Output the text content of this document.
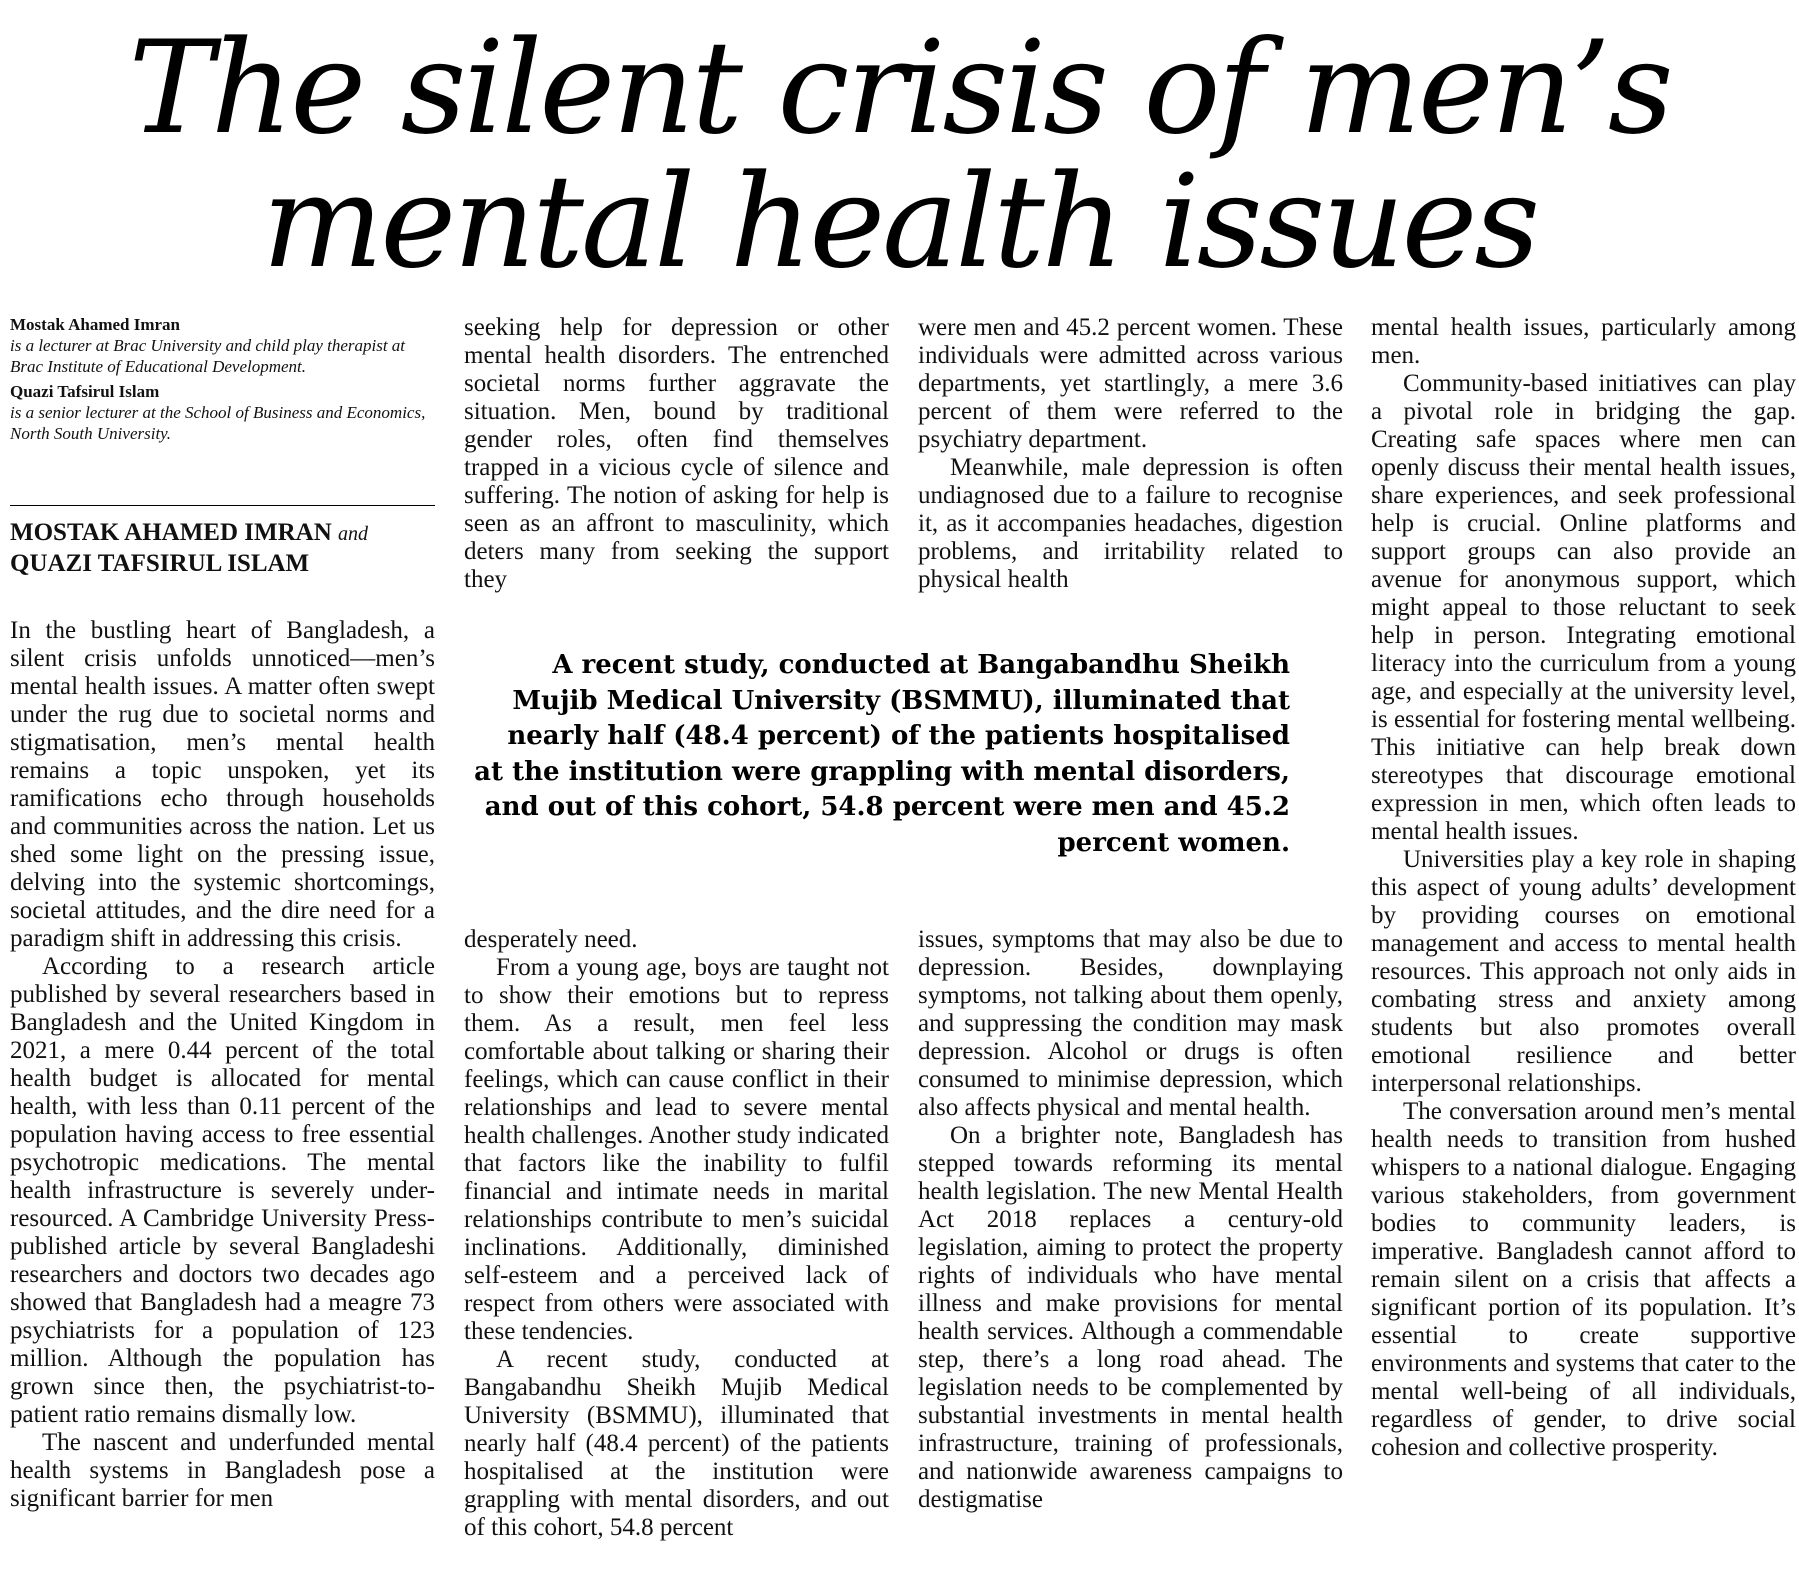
The silent crisis of men’s
mental health issues
Mostak Ahamed Imran
is a lecturer at Brac University and child play therapist at Brac Institute of Educational Development.
Quazi Tafsirul Islam
is a senior lecturer at the School of Business and Economics, North South University.
MOSTAK AHAMED IMRAN and
QUAZI TAFSIRUL ISLAM

In the bustling heart of Bangladesh, a silent crisis unfolds unnoticed—men’s mental health issues. A matter often swept under the rug due to societal norms and stigmatisation, men’s mental health remains a topic unspoken, yet its ramifications echo through households and communities across the nation. Let us shed some light on the pressing issue, delving into the systemic shortcomings, societal attitudes, and the dire need for a paradigm shift in addressing this crisis.

According to a research article published by several researchers based in Bangladesh and the United Kingdom in 2021, a mere 0.44 percent of the total health budget is allocated for mental health, with less than 0.11 percent of the population having access to free essential psychotropic medications. The mental health infrastructure is severely under-resourced. A Cambridge University Press-published article by several Bangladeshi researchers and doctors two decades ago showed that Bangladesh had a meagre 73 psychiatrists for a population of 123 million. Although the population has grown since then, the psychiatrist-to-patient ratio remains dismally low.

The nascent and underfunded mental health systems in Bangladesh pose a significant barrier for men

seeking help for depression or other mental health disorders. The entrenched societal norms further aggravate the situation. Men, bound by traditional gender roles, often find themselves trapped in a vicious cycle of silence and suffering. The notion of asking for help is seen as an affront to masculinity, which deters many from seeking the support they

were men and 45.2 percent women. These individuals were admitted across various departments, yet startlingly, a mere 3.6 percent of them were referred to the psychiatry department.

Meanwhile, male depression is often undiagnosed due to a failure to recognise it, as it accompanies headaches, digestion problems, and irritability related to physical health

A recent study, conducted at Bangabandhu Sheikh Mujib Medical University (BSMMU), illuminated that nearly half (48.4 percent) of the patients hospitalised at the institution were grappling with mental disorders, and out of this cohort, 54.8 percent were men and 45.2 percent women.

desperately need.

From a young age, boys are taught not to show their emotions but to repress them. As a result, men feel less comfortable about talking or sharing their feelings, which can cause conflict in their relationships and lead to severe mental health challenges. Another study indicated that factors like the inability to fulfil financial and intimate needs in marital relationships contribute to men’s suicidal inclinations. Additionally, diminished self-esteem and a perceived lack of respect from others were associated with these tendencies.

A recent study, conducted at Bangabandhu Sheikh Mujib Medical University (BSMMU), illuminated that nearly half (48.4 percent) of the patients hospitalised at the institution were grappling with mental disorders, and out of this cohort, 54.8 percent

issues, symptoms that may also be due to depression. Besides, downplaying symptoms, not talking about them openly, and suppressing the condition may mask depression. Alcohol or drugs is often consumed to minimise depression, which also affects physical and mental health.

On a brighter note, Bangladesh has stepped towards reforming its mental health legislation. The new Mental Health Act 2018 replaces a century-old legislation, aiming to protect the property rights of individuals who have mental illness and make provisions for mental health services. Although a commendable step, there’s a long road ahead. The legislation needs to be complemented by substantial investments in mental health infrastructure, training of professionals, and nationwide awareness campaigns to destigmatise

mental health issues, particularly among men.

Community-based initiatives can play a pivotal role in bridging the gap. Creating safe spaces where men can openly discuss their mental health issues, share experiences, and seek professional help is crucial. Online platforms and support groups can also provide an avenue for anonymous support, which might appeal to those reluctant to seek help in person. Integrating emotional literacy into the curriculum from a young age, and especially at the university level, is essential for fostering mental wellbeing. This initiative can help break down stereotypes that discourage emotional expression in men, which often leads to mental health issues.

Universities play a key role in shaping this aspect of young adults’ development by providing courses on emotional management and access to mental health resources. This approach not only aids in combating stress and anxiety among students but also promotes overall emotional resilience and better interpersonal relationships.

The conversation around men’s mental health needs to transition from hushed whispers to a national dialogue. Engaging various stakeholders, from government bodies to community leaders, is imperative. Bangladesh cannot afford to remain silent on a crisis that affects a significant portion of its population. It’s essential to create supportive environments and systems that cater to the mental well-being of all individuals, regardless of gender, to drive social cohesion and collective prosperity.
